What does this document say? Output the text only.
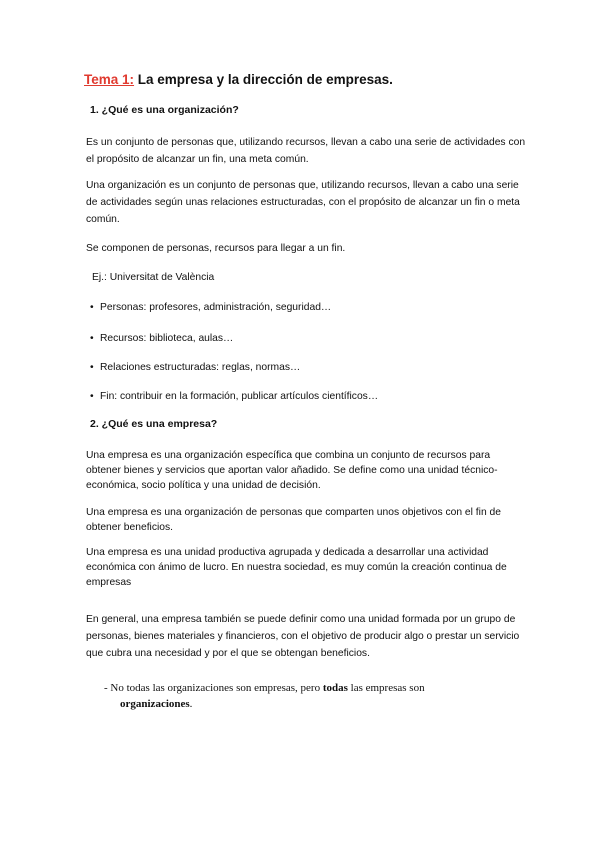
Tema 1: La empresa y la dirección de empresas.
1. ¿Qué es una organización?

Es un conjunto de personas que, utilizando recursos, llevan a cabo una serie de actividades con el propósito de alcanzar un fin, una meta común.

Una organización es un conjunto de personas que, utilizando recursos, llevan a cabo una serie de actividades según unas relaciones estructuradas, con el propósito de alcanzar un fin o meta común.

Se componen de personas, recursos para llegar a un fin.

Ej.: Universitat de València
• Personas: profesores, administración, seguridad…
• Recursos: biblioteca, aulas…
• Relaciones estructuradas: reglas, normas…
• Fin: contribuir en la formación, publicar artículos científicos…
2. ¿Qué es una empresa?

Una empresa es una organización específica que combina un conjunto de recursos para obtener bienes y servicios que aportan valor añadido. Se define como una unidad técnico-económica, socio política y una unidad de decisión.

Una empresa es una organización de personas que comparten unos objetivos con el fin de obtener beneficios.

Una empresa es una unidad productiva agrupada y dedicada a desarrollar una actividad económica con ánimo de lucro. En nuestra sociedad, es muy común la creación continua de empresas

En general, una empresa también se puede definir como una unidad formada por un grupo de personas, bienes materiales y financieros, con el objetivo de producir algo o prestar un servicio que cubra una necesidad y por el que se obtengan beneficios.

- No todas las organizaciones son empresas, pero todas las empresas son
organizaciones.
